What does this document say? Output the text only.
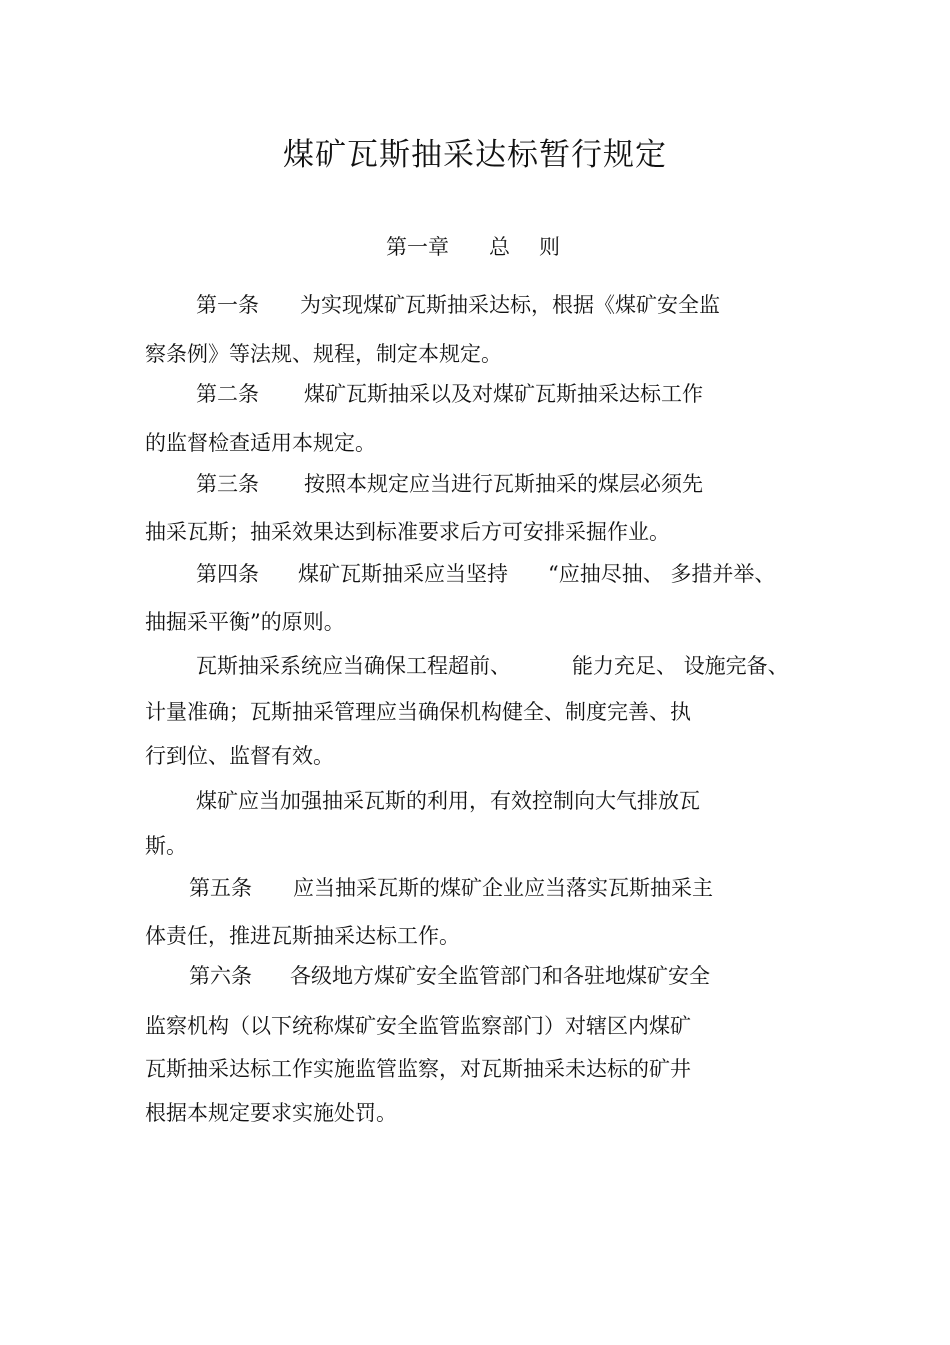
煤矿瓦斯抽采达标暂行规定
第一章 总 则
第一条 为实现煤矿瓦斯抽采达标，根据《煤矿安全监
察条例》等法规、规程，制定本规定。
第二条 煤矿瓦斯抽采以及对煤矿瓦斯抽采达标工作
的监督检查适用本规定。
第三条 按照本规定应当进行瓦斯抽采的煤层必须先
抽采瓦斯；抽采效果达到标准要求后方可安排采掘作业。
第四条 煤矿瓦斯抽采应当坚持 “应抽尽抽、 多措并举、
抽掘采平衡”的原则。
瓦斯抽采系统应当确保工程超前、	能力充足、 设施完备、
计量准确；瓦斯抽采管理应当确保机构健全、制度完善、执
行到位、监督有效。
煤矿应当加强抽采瓦斯的利用，有效控制向大气排放瓦
斯。
第五条 应当抽采瓦斯的煤矿企业应当落实瓦斯抽采主
体责任，推进瓦斯抽采达标工作。
第六条 各级地方煤矿安全监管部门和各驻地煤矿安全
监察机构（以下统称煤矿安全监管监察部门）对辖区内煤矿
瓦斯抽采达标工作实施监管监察，对瓦斯抽采未达标的矿井
根据本规定要求实施处罚。
